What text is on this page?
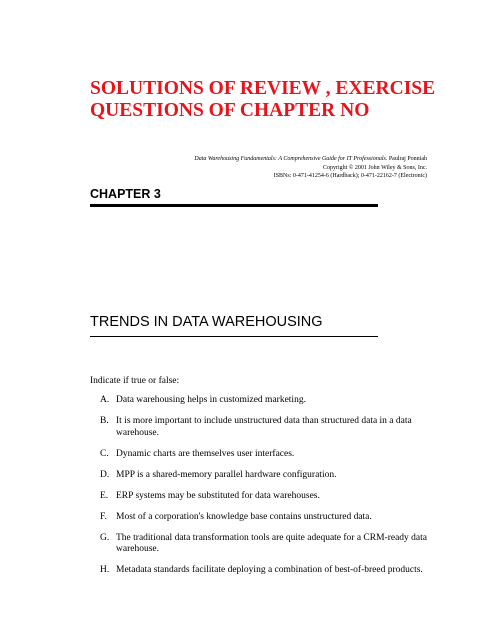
SOLUTIONS OF REVIEW , EXERCISE
QUESTIONS OF CHAPTER NO
Data Warehousing Fundamentals: A Comprehensive Guide for IT Professionals. Paulraj Ponniah
Copyright © 2001 John Wiley & Sons, Inc.
ISBNs: 0-471-41254-6 (Hardback); 0-471-22162-7 (Electronic)
CHAPTER 3
TRENDS IN DATA WAREHOUSING
Indicate if true or false:
A. Data warehousing helps in customized marketing.
B. It is more important to include unstructured data than structured data in a data warehouse.
C. Dynamic charts are themselves user interfaces.
D. MPP is a shared-memory parallel hardware configuration.
E. ERP systems may be substituted for data warehouses.
F. Most of a corporation's knowledge base contains unstructured data.
G. The traditional data transformation tools are quite adequate for a CRM-ready data warehouse.
H. Metadata standards facilitate deploying a combination of best-of-breed products.
